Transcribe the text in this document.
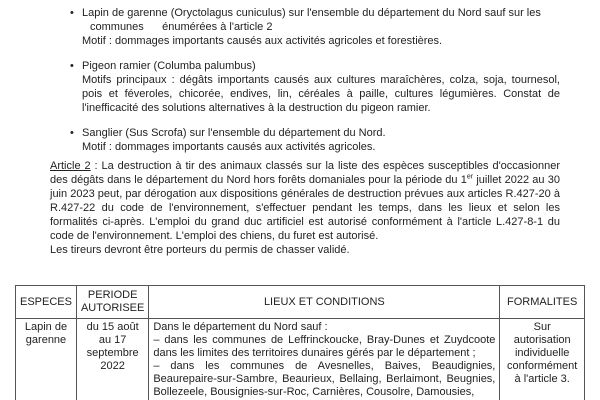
• Lapin de garenne (Oryctolagus cuniculus) sur l'ensemble du département du Nord sauf sur les
communes      énumérées à l'article 2
Motif : dommages importants causés aux activités agricoles et forestières.
• Pigeon ramier (Columba palumbus)
Motifs principaux : dégâts importants causés aux cultures maraîchères, colza, soja, tournesol, pois et féveroles, chicorée, endives, lin, céréales à paille, cultures légumières. Constat de l'inefficacité des solutions alternatives à la destruction du pigeon ramier.
• Sanglier (Sus Scrofa) sur l'ensemble du département du Nord.
Motif : dommages importants causés aux activités agricoles.
Article 2 : La destruction à tir des animaux classés sur la liste des espèces susceptibles d'occasionner des dégâts dans le département du Nord hors forêts domaniales pour la période du 1er juillet 2022 au 30 juin 2023 peut, par dérogation aux dispositions générales de destruction prévues aux articles R.427-20 à R.427-22 du code de l'environnement, s'effectuer pendant les temps, dans les lieux et selon les formalités ci-après. L'emploi du grand duc artificiel est autorisé conformément à l'article L.427-8-1 du code de l'environnement. L'emploi des chiens, du furet est autorisé.
Les tireurs devront être porteurs du permis de chasser validé.
ESPECES	PERIODE AUTORISEE	LIEUX ET CONDITIONS	FORMALITES
Lapin de garenne	du 15 août au 17 septembre 2022	Dans le département du Nord sauf :
– dans les communes de Leffrinckoucke, Bray-Dunes et Zuydcoote dans les limites des territoires dunaires gérés par le département ;
– dans les communes de Avesnelles, Baives, Beaudignies, Beaurepaire-sur-Sambre, Beaurieux, Bellaing, Berlaimont, Beugnies, Bollezeele, Bousignies-sur-Roc, Carnières, Cousolre, Damousies,	Sur autorisation individuelle conformément à l'article 3.
